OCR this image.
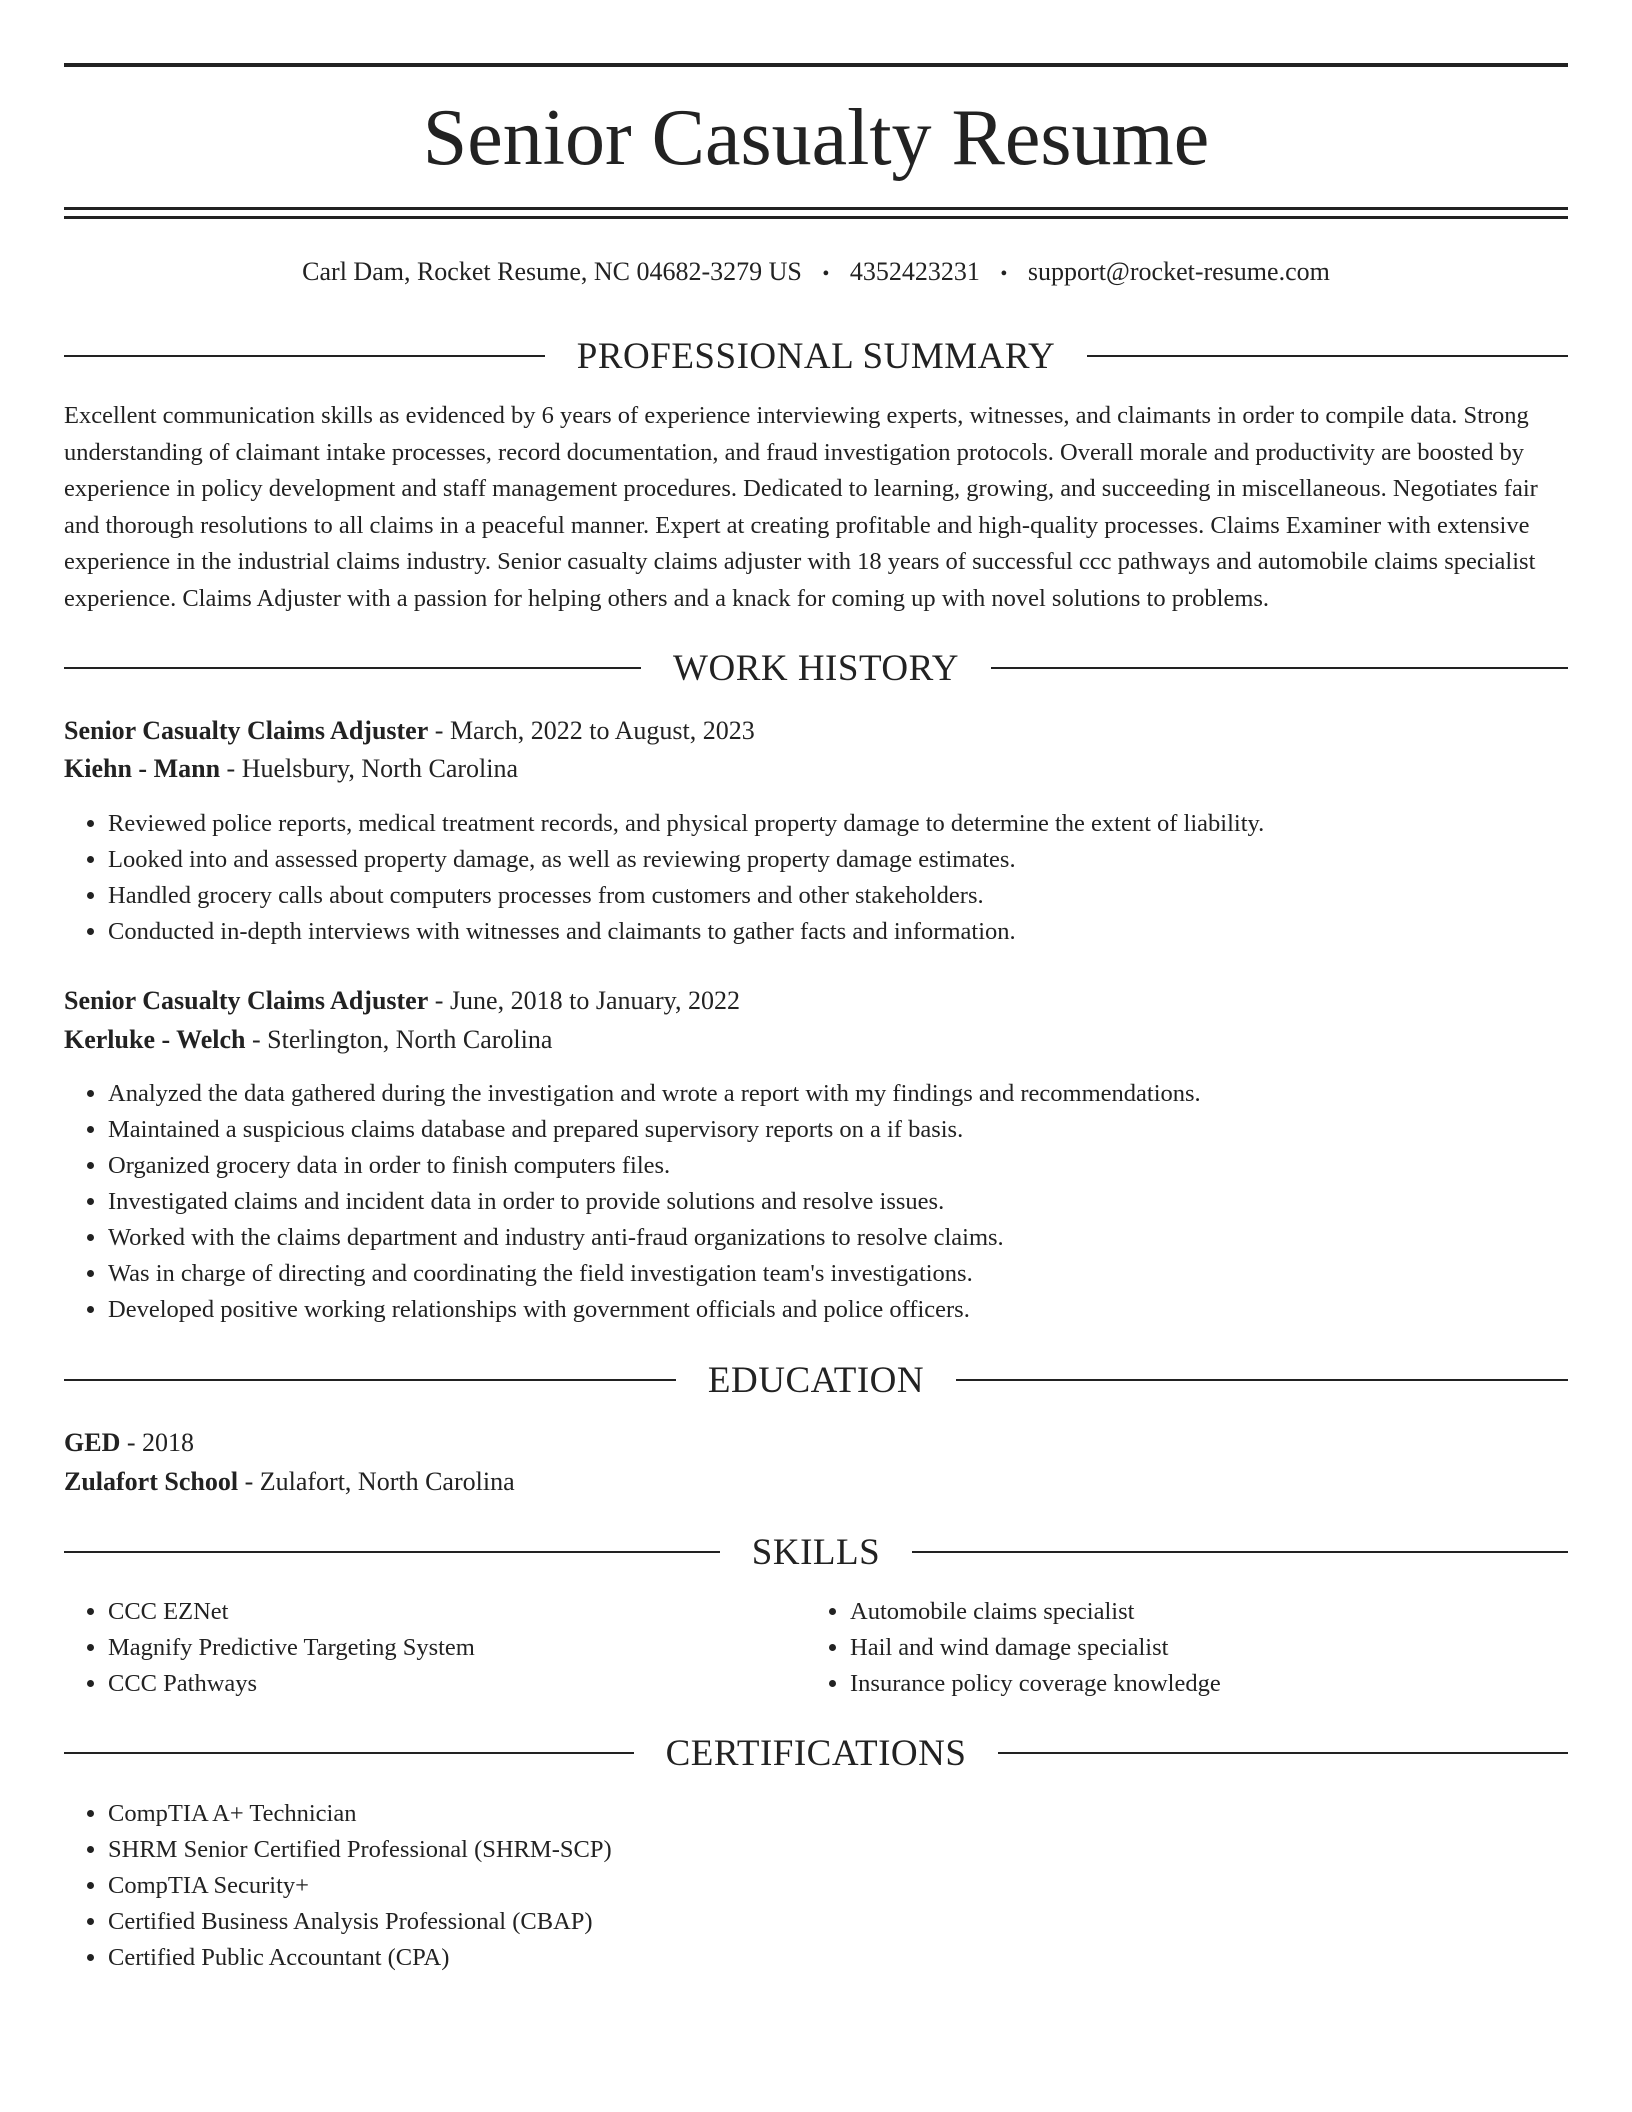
Senior Casualty Resume
Carl Dam, Rocket Resume, NC 04682-3279 US • 4352423231 • support@rocket-resume.com
PROFESSIONAL SUMMARY

Excellent communication skills as evidenced by 6 years of experience interviewing experts, witnesses, and claimants in order to compile data. Strong understanding of claimant intake processes, record documentation, and fraud investigation protocols. Overall morale and productivity are boosted by experience in policy development and staff management procedures. Dedicated to learning, growing, and succeeding in miscellaneous. Negotiates fair and thorough resolutions to all claims in a peaceful manner. Expert at creating profitable and high-quality processes. Claims Examiner with extensive experience in the industrial claims industry. Senior casualty claims adjuster with 18 years of successful ccc pathways and automobile claims specialist experience. Claims Adjuster with a passion for helping others and a knack for coming up with novel solutions to problems.

WORK HISTORY
Senior Casualty Claims Adjuster - March, 2022 to August, 2023
Kiehn - Mann - Huelsbury, North Carolina
• Reviewed police reports, medical treatment records, and physical property damage to determine the extent of liability.
• Looked into and assessed property damage, as well as reviewing property damage estimates.
• Handled grocery calls about computers processes from customers and other stakeholders.
• Conducted in-depth interviews with witnesses and claimants to gather facts and information.
Senior Casualty Claims Adjuster - June, 2018 to January, 2022
Kerluke - Welch - Sterlington, North Carolina
• Analyzed the data gathered during the investigation and wrote a report with my findings and recommendations.
• Maintained a suspicious claims database and prepared supervisory reports on a if basis.
• Organized grocery data in order to finish computers files.
• Investigated claims and incident data in order to provide solutions and resolve issues.
• Worked with the claims department and industry anti-fraud organizations to resolve claims.
• Was in charge of directing and coordinating the field investigation team's investigations.
• Developed positive working relationships with government officials and police officers.
EDUCATION
GED - 2018
Zulafort School - Zulafort, North Carolina
SKILLS
• CCC EZNet
• Magnify Predictive Targeting System
• CCC Pathways
• Automobile claims specialist
• Hail and wind damage specialist
• Insurance policy coverage knowledge
CERTIFICATIONS
• CompTIA A+ Technician
• SHRM Senior Certified Professional (SHRM-SCP)
• CompTIA Security+
• Certified Business Analysis Professional (CBAP)
• Certified Public Accountant (CPA)
